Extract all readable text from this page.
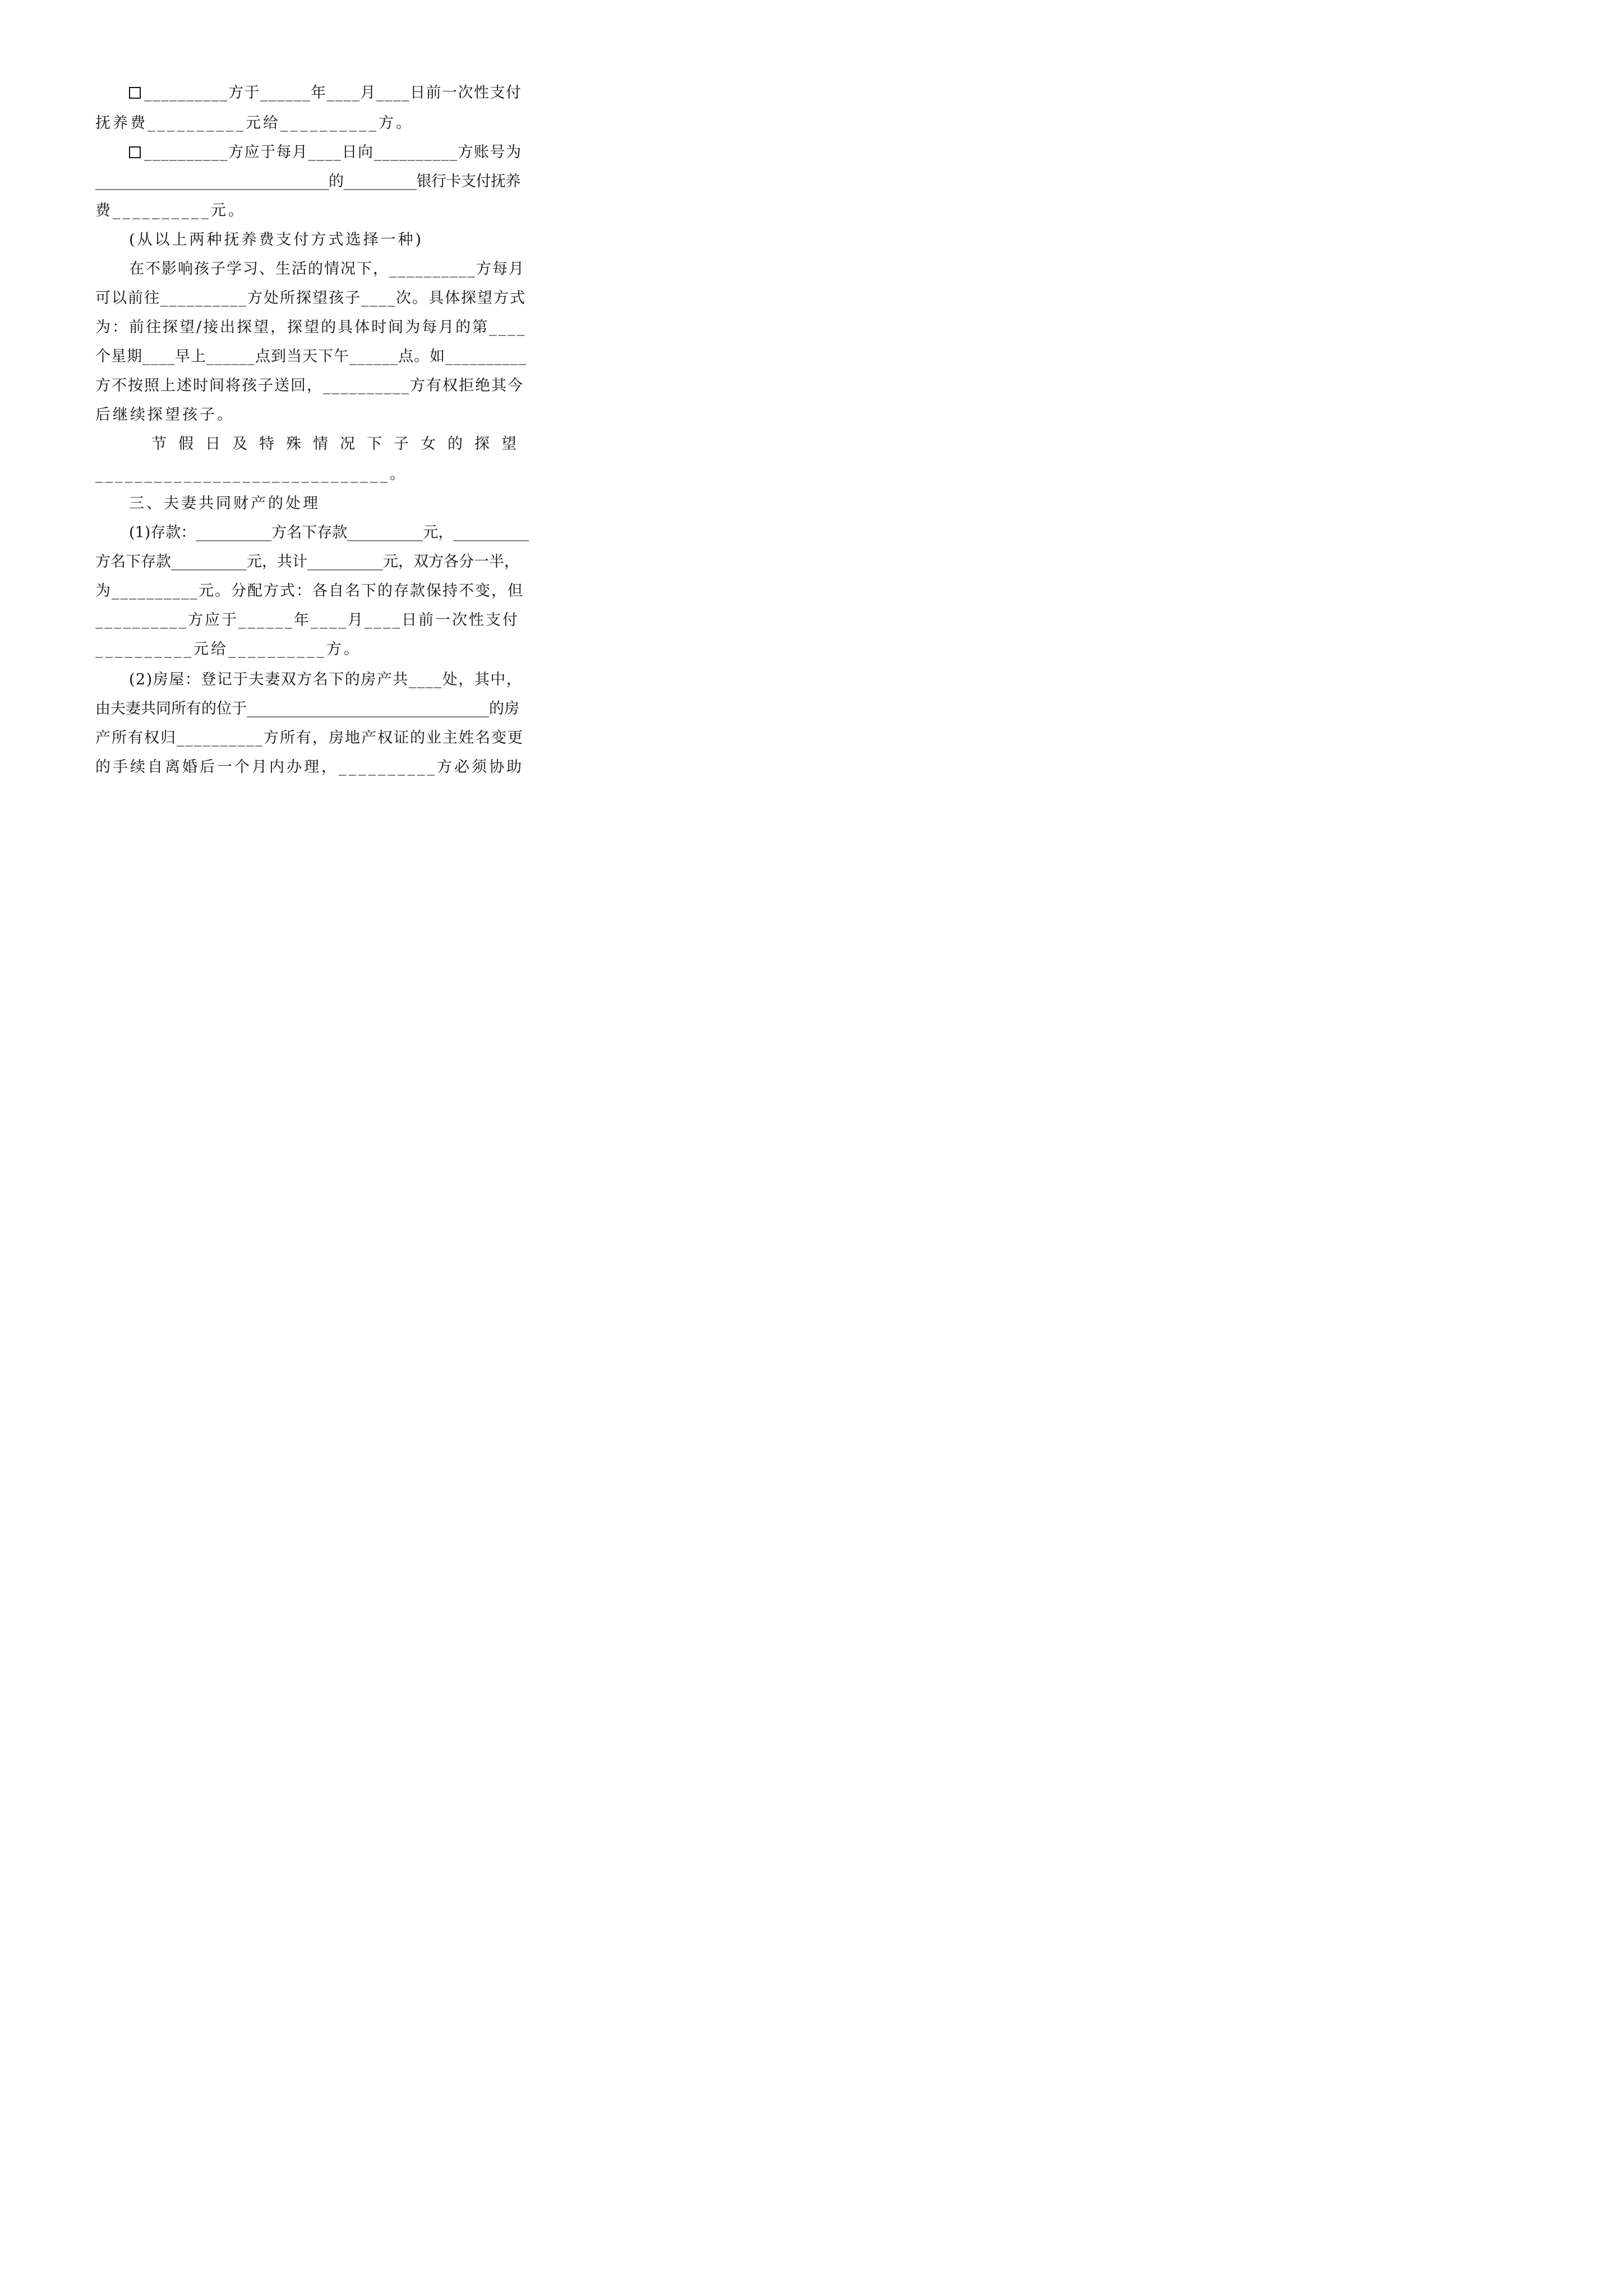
__________方于______年____月____日前一次性支付
抚养费__________元给__________方。
__________方应于每月____日向__________方账号为
________________________________的__________银行卡支付抚养
费__________元。
(从以上两种抚养费支付方式选择一种)
在不影响孩子学习、生活的情况下，__________方每月
可以前往__________方处所探望孩子____次。具体探望方式
为：前往探望/接出探望，探望的具体时间为每月的第____
个星期____早上______点到当天下午______点。如__________
方不按照上述时间将孩子送回，__________方有权拒绝其今
后继续探望孩子。
节假日及特殊情况下子女的探望
______________________________。
三、夫妻共同财产的处理
(1)存款：__________方名下存款__________元，__________
方名下存款__________元，共计__________元，双方各分一半，
为__________元。分配方式：各自名下的存款保持不变，但
__________方应于______年____月____日前一次性支付
__________元给__________方。
(2)房屋：登记于夫妻双方名下的房产共____处，其中，
由夫妻共同所有的位于________________________________的房
产所有权归__________方所有，房地产权证的业主姓名变更
的手续自离婚后一个月内办理，__________方必须协助
